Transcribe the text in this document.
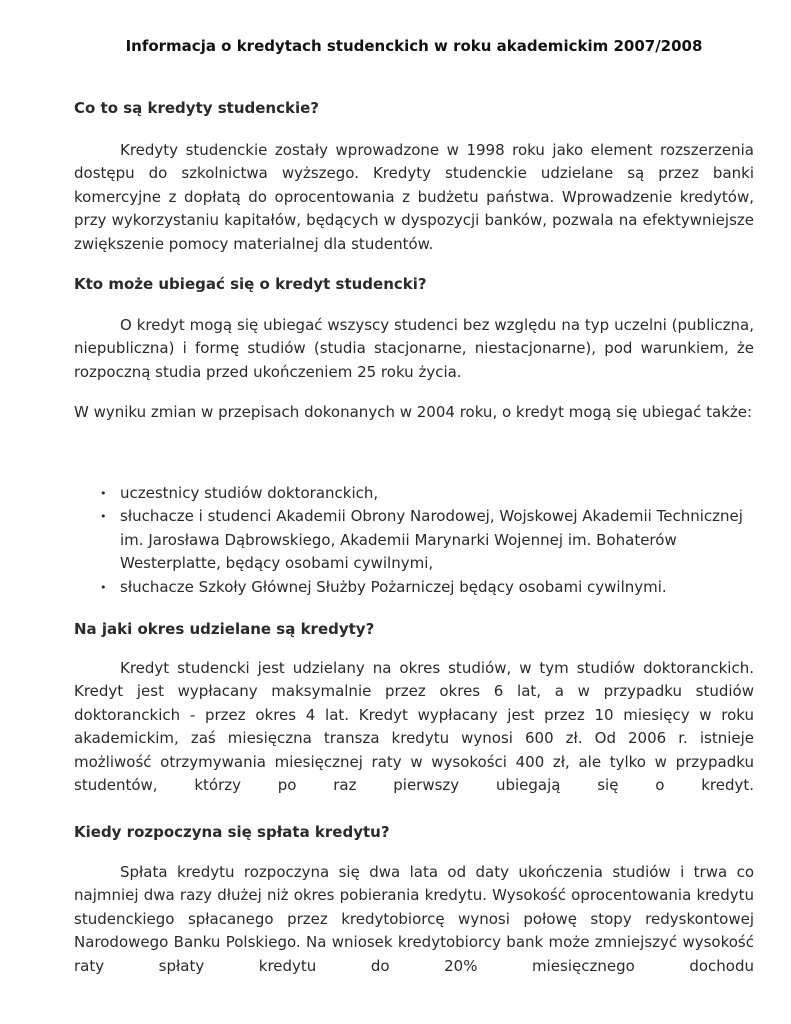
Informacja o kredytach studenckich w roku akademickim 2007/2008
Co to są kredyty studenckie?

Kredyty studenckie zostały wprowadzone w 1998 roku jako element rozszerzenia dostępu do szkolnictwa wyższego. Kredyty studenckie udzielane są przez banki komercyjne z dopłatą do oprocentowania z budżetu państwa. Wprowadzenie kredytów, przy wykorzystaniu kapitałów, będących w dyspozycji banków, pozwala na efektywniejsze zwiększenie pomocy materialnej dla studentów.

Kto może ubiegać się o kredyt studencki?

O kredyt mogą się ubiegać wszyscy studenci bez względu na typ uczelni (publiczna, niepubliczna) i formę studiów (studia stacjonarne, niestacjonarne), pod warunkiem, że rozpoczną studia przed ukończeniem 25 roku życia.

W wyniku zmian w przepisach dokonanych w 2004 roku, o kredyt mogą się ubiegać także:

• uczestnicy studiów doktoranckich,
• słuchacze i studenci Akademii Obrony Narodowej, Wojskowej Akademii Technicznej im. Jarosława Dąbrowskiego, Akademii Marynarki Wojennej im. Bohaterów Westerplatte, będący osobami cywilnymi,
• słuchacze Szkoły Głównej Służby Pożarniczej będący osobami cywilnymi.
Na jaki okres udzielane są kredyty?

Kredyt studencki jest udzielany na okres studiów, w tym studiów doktoranckich. Kredyt jest wypłacany maksymalnie przez okres 6 lat, a w przypadku studiów doktoranckich - przez okres 4 lat. Kredyt wypłacany jest przez 10 miesięcy w roku akademickim, zaś miesięczna transza kredytu wynosi 600 zł. Od 2006 r. istnieje możliwość otrzymywania miesięcznej raty w wysokości 400 zł, ale tylko w przypadku studentów, którzy po raz pierwszy ubiegają się o kredyt.

Kiedy rozpoczyna się spłata kredytu?

Spłata kredytu rozpoczyna się dwa lata od daty ukończenia studiów i trwa co najmniej dwa razy dłużej niż okres pobierania kredytu. Wysokość oprocentowania kredytu studenckiego spłacanego przez kredytobiorcę wynosi połowę stopy redyskontowej Narodowego Banku Polskiego. Na wniosek kredytobiorcy bank może zmniejszyć wysokość raty spłaty kredytu do 20% miesięcznego dochodu
